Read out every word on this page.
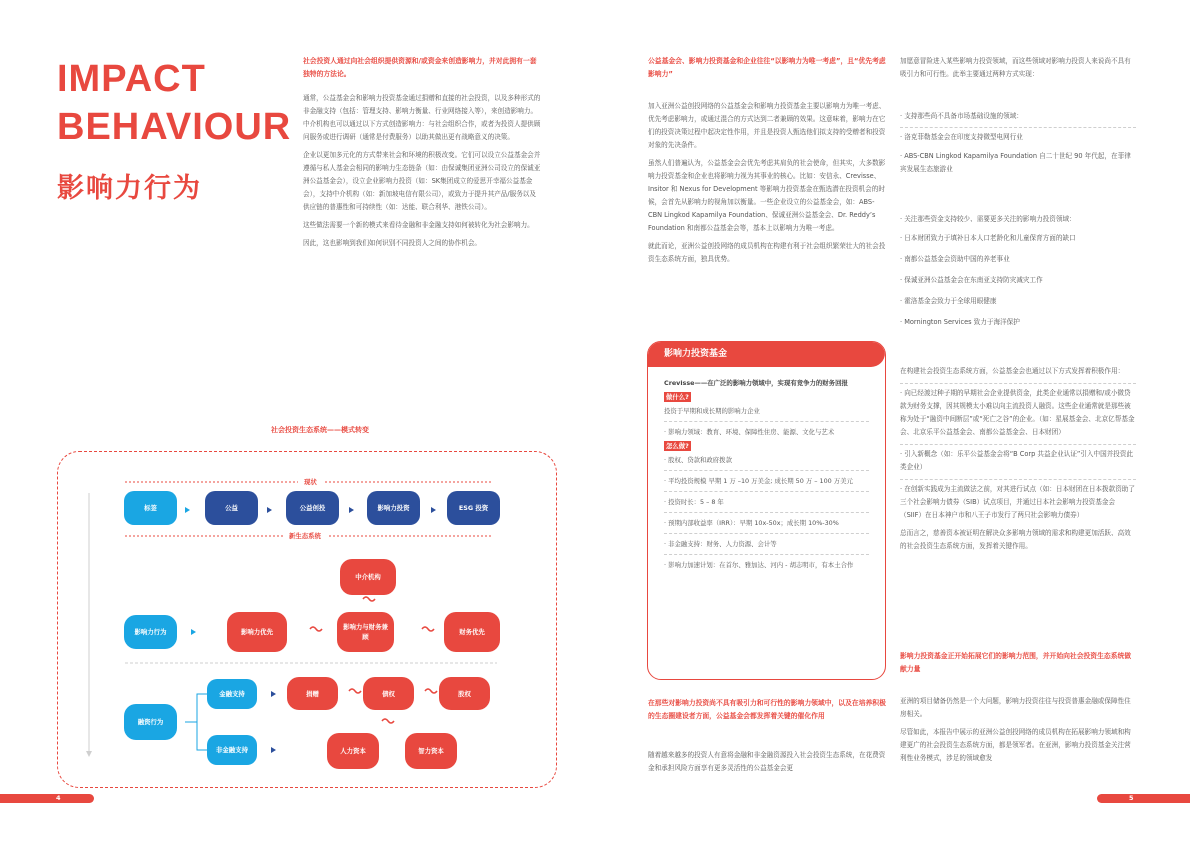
IMPACT
BEHAVIOUR
影响力行为
社会投资人通过向社会组织提供资源和/或资金来创造影响力，并对此拥有一套独特的方法论。

通常，公益基金会和影响力投资基金通过捐赠和直接的社会投资，以及多种形式的非金融支持（包括：管理支持、影响力衡量、行业网络接入等），来创造影响力。中介机构也可以通过以下方式创造影响力：与社会组织合作，或者为投资人提供顾问服务或进行调研（通常是付费服务）以助其做出更有战略意义的决策。

企业以更加多元化的方式带来社会和环境的积极改变。它们可以设立公益基金会并遵循与私人基金会相同的影响力生态链条（如：由保诚集团亚洲公司设立的保诚亚洲公益基金会），设立企业影响力投资（如：SK集团成立的爱思开幸福公益基金会），支持中介机构（如：新加坡电信有限公司），或致力于提升其产品/服务以及供应链的普惠性和可持续性（如：达能、联合利华、港铁公司）。

这些做法需要一个新的模式来看待金融和非金融支持如何被转化为社会影响力。

因此，这也影响到我们如何识别不同投资人之间的协作机会。

社会投资生态系统——模式转变
现状
新生态系统
标签	公益	公益创投	影响力投资	ESG 投资
中介机构
影响力行为	影响力优先
影响力与财务兼顾
财务优先
融资行为
金融支持
非金融支持
捐赠	债权	股权
人力资本	智力资本
4
公益基金会、影响力投资基金和企业往往“以影响力为唯一考虑”，且“优先考虑影响力”

加入亚洲公益创投网络的公益基金会和影响力投资基金主要以影响力为唯一考虑、优先考虑影响力，或通过混合的方式达到二者兼顾的效果。这意味着，影响力在它们的投资决策过程中起决定性作用，并且是投资人甄选他们拟支持的受赠者和投资对象的先决条件。

虽然人们普遍认为，公益基金会会优先考虑其肩负的社会使命，但其实，大多数影响力投资基金和企业也将影响力视为其事业的核心。比如：安信永、Crevisse、Insitor 和 Nexus for Development 等影响力投资基金在甄选潜在投资机会的时候，会首先从影响力的视角加以衡量。一些企业设立的公益基金会，如：ABS-CBN Lingkod Kapamilya Foundation、保诚亚洲公益基金会、Dr. Reddy’s Foundation 和南都公益基金会等，基本上以影响力为唯一考虑。

就此而论，亚洲公益创投网络的成员机构在构建有利于社会组织繁荣壮大的社会投资生态系统方面，独具优势。

影响力投资基金
Crevisse——在广泛的影响力领域中，实现有竞争力的财务回报
做什么?
投资于早期和成长期的影响力企业
· 影响力领域：教育、环境、保障性住房、能源、文化与艺术
怎么做?
· 股权、贷款和政府拨款
· 平均投资规模 早期 1 万 –10 万美金; 成长期 50 万 – 100 万美元
· 投资时长：5 – 8 年
· 预期内部收益率（IRR）：早期 10x-50x；成长期 10%-30%
· 非金融支持：财务、人力资源、会计等
· 影响力加速计划：在首尔、雅加达、河内 - 胡志明市，有本土合作
在那些对影响力投资尚不具有吸引力和可行性的影响力领域中，以及在培养积极的生态圈建设者方面，公益基金会都发挥着关键的催化作用
随着越来越多的投资人有意将金融和非金融资源投入社会投资生态系统，在花费资金和承担风险方面享有更多灵活性的公益基金会更
加愿意冒险进入某些影响力投资领域，而这些领域对影响力投资人来说尚不具有吸引力和可行性。此举主要通过两种方式实现：
· 支持那些尚不具备市场基础设施的领域：
· 洛克菲勒基金会在印度支持微型电网行业
· ABS-CBN Lingkod Kapamilya Foundation 自二十世纪 90 年代起，在菲律宾发展生态旅游业
· 关注那些资金支持较少、需要更多关注的影响力投资领域：
· 日本财团致力于填补日本人口老龄化和儿童保育方面的缺口
· 南都公益基金会资助中国的养老事业
· 保诚亚洲公益基金会在东南亚支持防灾减灾工作
· 霍洛基金会致力于全球用眼健康
· Mornington Services 致力于海洋保护

在构建社会投资生态系统方面，公益基金会也通过以下方式发挥着积极作用：

· 向已经渡过种子期的早期社会企业提供资金，此类企业通常以捐赠和/或小微贷款为财务支撑，因其规模太小难以向主流投资人融资。这些企业通常就是那些被称为处于“融资中间断层”或“死亡之谷”的企业。（如：星展基金会、北京亿帮基金会、北京乐平公益基金会、南都公益基金会、日本财团）

· 引入新概念（如：乐平公益基金会将“B Corp 共益企业认证”引入中国并投资此类企业）

· 在创新实践成为主流做法之前，对其进行试点（如：日本财团在日本拨款资助了三个社会影响力债券（SIB）试点项目，并通过日本社会影响力投资基金会（SIIF）在日本神户市和八王子市发行了两只社会影响力债券）

总而言之，慈善资本被证明在解决众多影响力领域的需求和构建更加活跃、高效的社会投资生态系统方面，发挥着关键作用。

影响力投资基金正开始拓展它们的影响力范围，并开始向社会投资生态系统做献力量

亚洲的项目储备仍然是一个大问题，影响力投资往往与投资普惠金融或保障性住房相关。

尽管如此，本报告中展示的亚洲公益创投网络的成员机构在拓展影响力领域和构建更广的社会投资生态系统方面，都是领军者。在亚洲，影响力投资基金关注营利性业务模式，涉足的领域愈发

5
